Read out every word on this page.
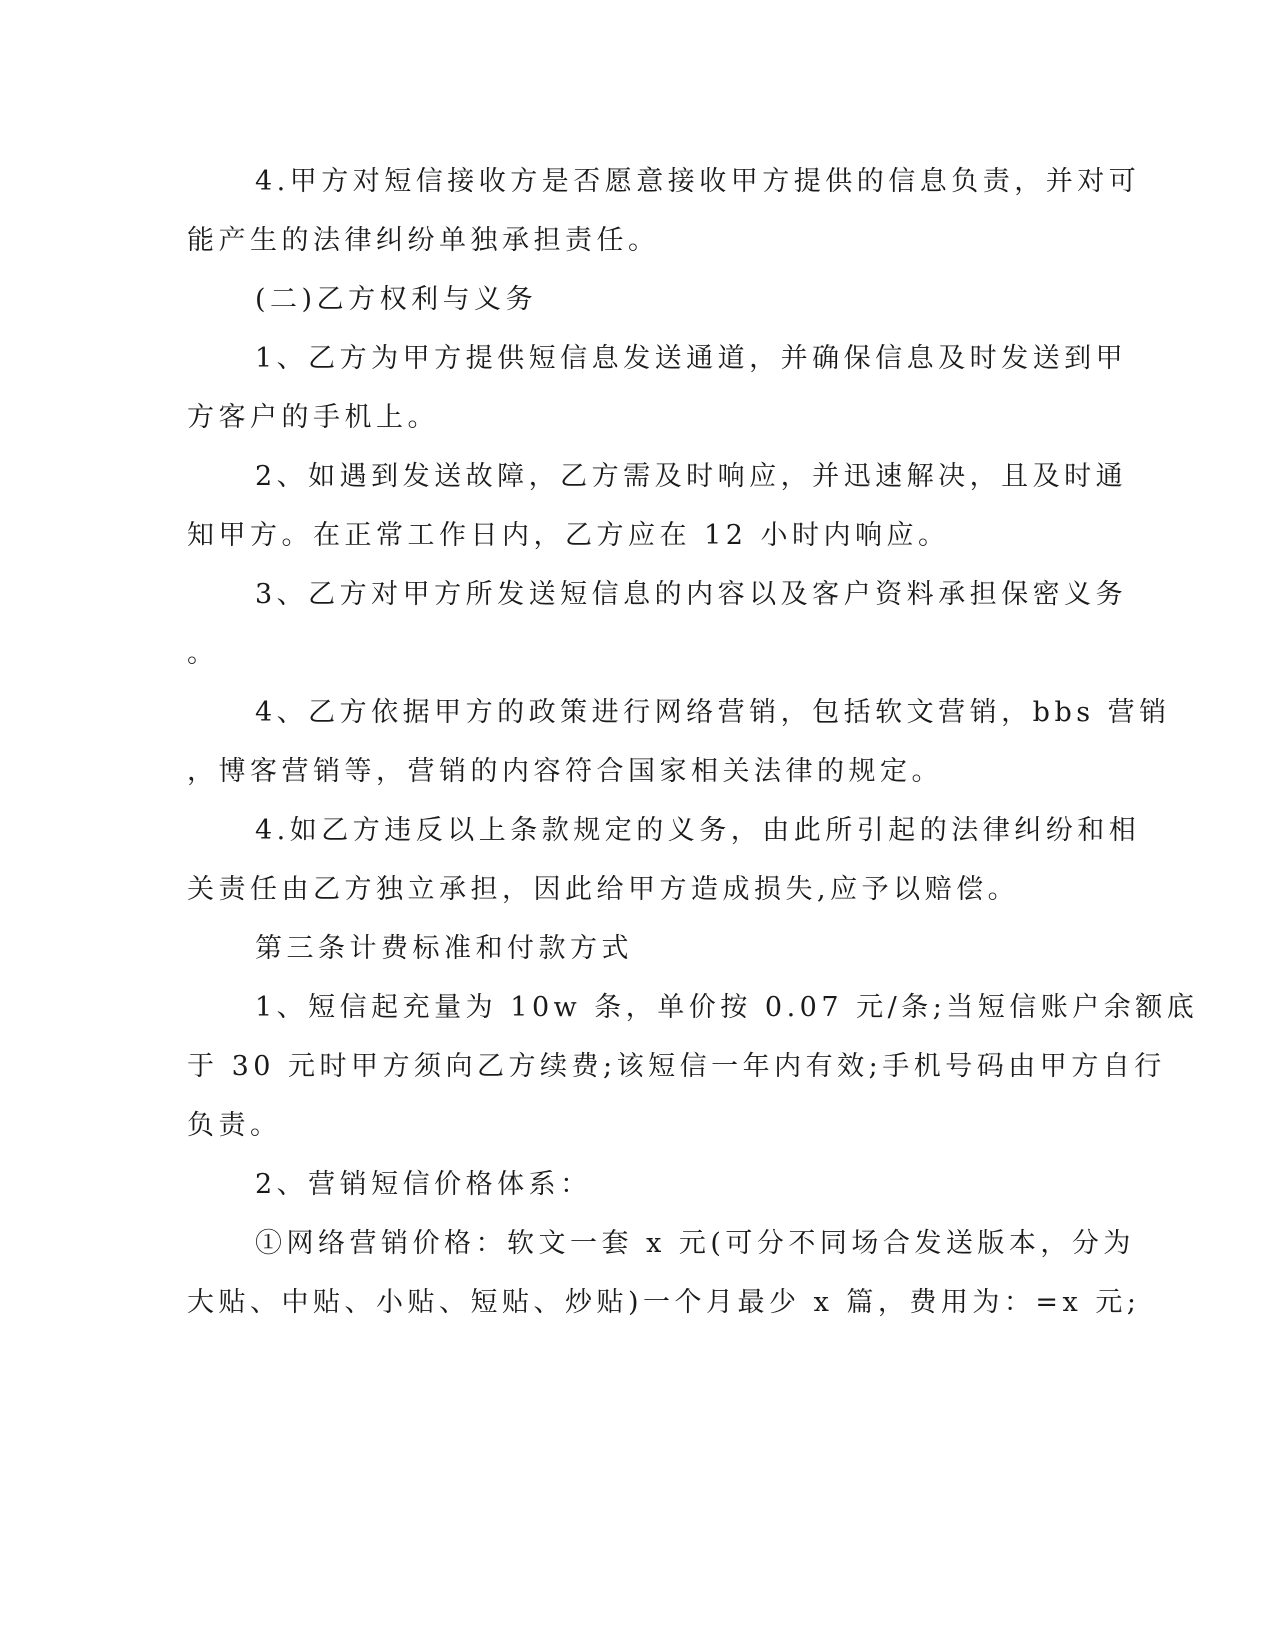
4.甲方对短信接收方是否愿意接收甲方提供的信息负责，并对可

能产生的法律纠纷单独承担责任。

(二)乙方权利与义务

1、乙方为甲方提供短信息发送通道，并确保信息及时发送到甲

方客户的手机上。

2、如遇到发送故障，乙方需及时响应，并迅速解决，且及时通

知甲方。在正常工作日内，乙方应在 12 小时内响应。

3、乙方对甲方所发送短信息的内容以及客户资料承担保密义务

。

4、乙方依据甲方的政策进行网络营销，包括软文营销，bbs 营销

，博客营销等，营销的内容符合国家相关法律的规定。

4.如乙方违反以上条款规定的义务，由此所引起的法律纠纷和相

关责任由乙方独立承担，因此给甲方造成损失,应予以赔偿。

第三条计费标准和付款方式

1、短信起充量为 10w 条，单价按 0.07 元/条;当短信账户余额底

于 30 元时甲方须向乙方续费;该短信一年内有效;手机号码由甲方自行

负责。

2、营销短信价格体系：

①网络营销价格：软文一套 x 元(可分不同场合发送版本，分为

大贴、中贴、小贴、短贴、炒贴)一个月最少 x 篇，费用为：=x 元;
